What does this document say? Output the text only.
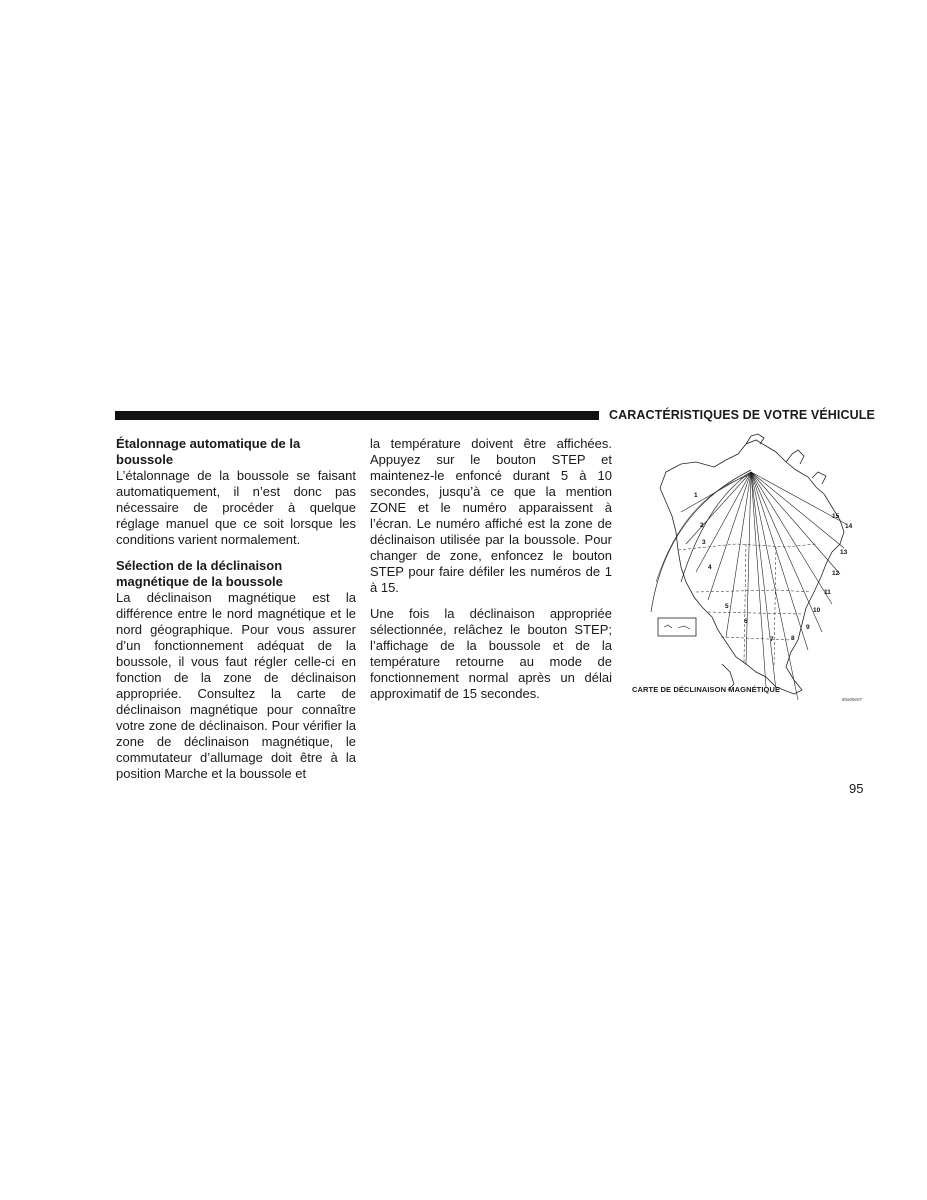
CARACTÉRISTIQUES DE VOTRE VÉHICULE
Étalonnage automatique de la boussole

L’étalonnage de la boussole se faisant automatiquement, il n’est donc pas nécessaire de procéder à quelque réglage manuel que ce soit lorsque les conditions varient normalement.

Sélection de la déclinaison magnétique de la boussole

La déclinaison magnétique est la différence entre le nord magnétique et le nord géographique. Pour vous assurer d’un fonctionnement adéquat de la boussole, il vous faut régler celle-ci en fonction de la zone de déclinaison appropriée. Consultez la carte de déclinaison magnétique pour connaître votre zone de déclinaison. Pour vérifier la zone de déclinaison magnétique, le commutateur d’allumage doit être à la position Marche et la boussole et

la température doivent être affichées. Appuyez sur le bouton STEP et maintenez-le enfoncé durant 5 à 10 secondes, jusqu’à ce que la mention ZONE et le numéro apparaissent à l’écran. Le numéro affiché est la zone de déclinaison utilisée par la boussole. Pour changer de zone, enfoncez le bouton STEP pour faire défiler les numéros de 1 à 15.

Une fois la déclinaison appropriée sélectionnée, relâchez le bouton STEP; l’affichage de la boussole et de la température retourne au mode de fonctionnement normal après un délai approximatif de 15 secondes.

1
2
3
4
5
6
7	8
9
10
11
12
13
14
15
CARTE DE DÉCLINAISON MAGNÉTIQUE
80a09e07
95
